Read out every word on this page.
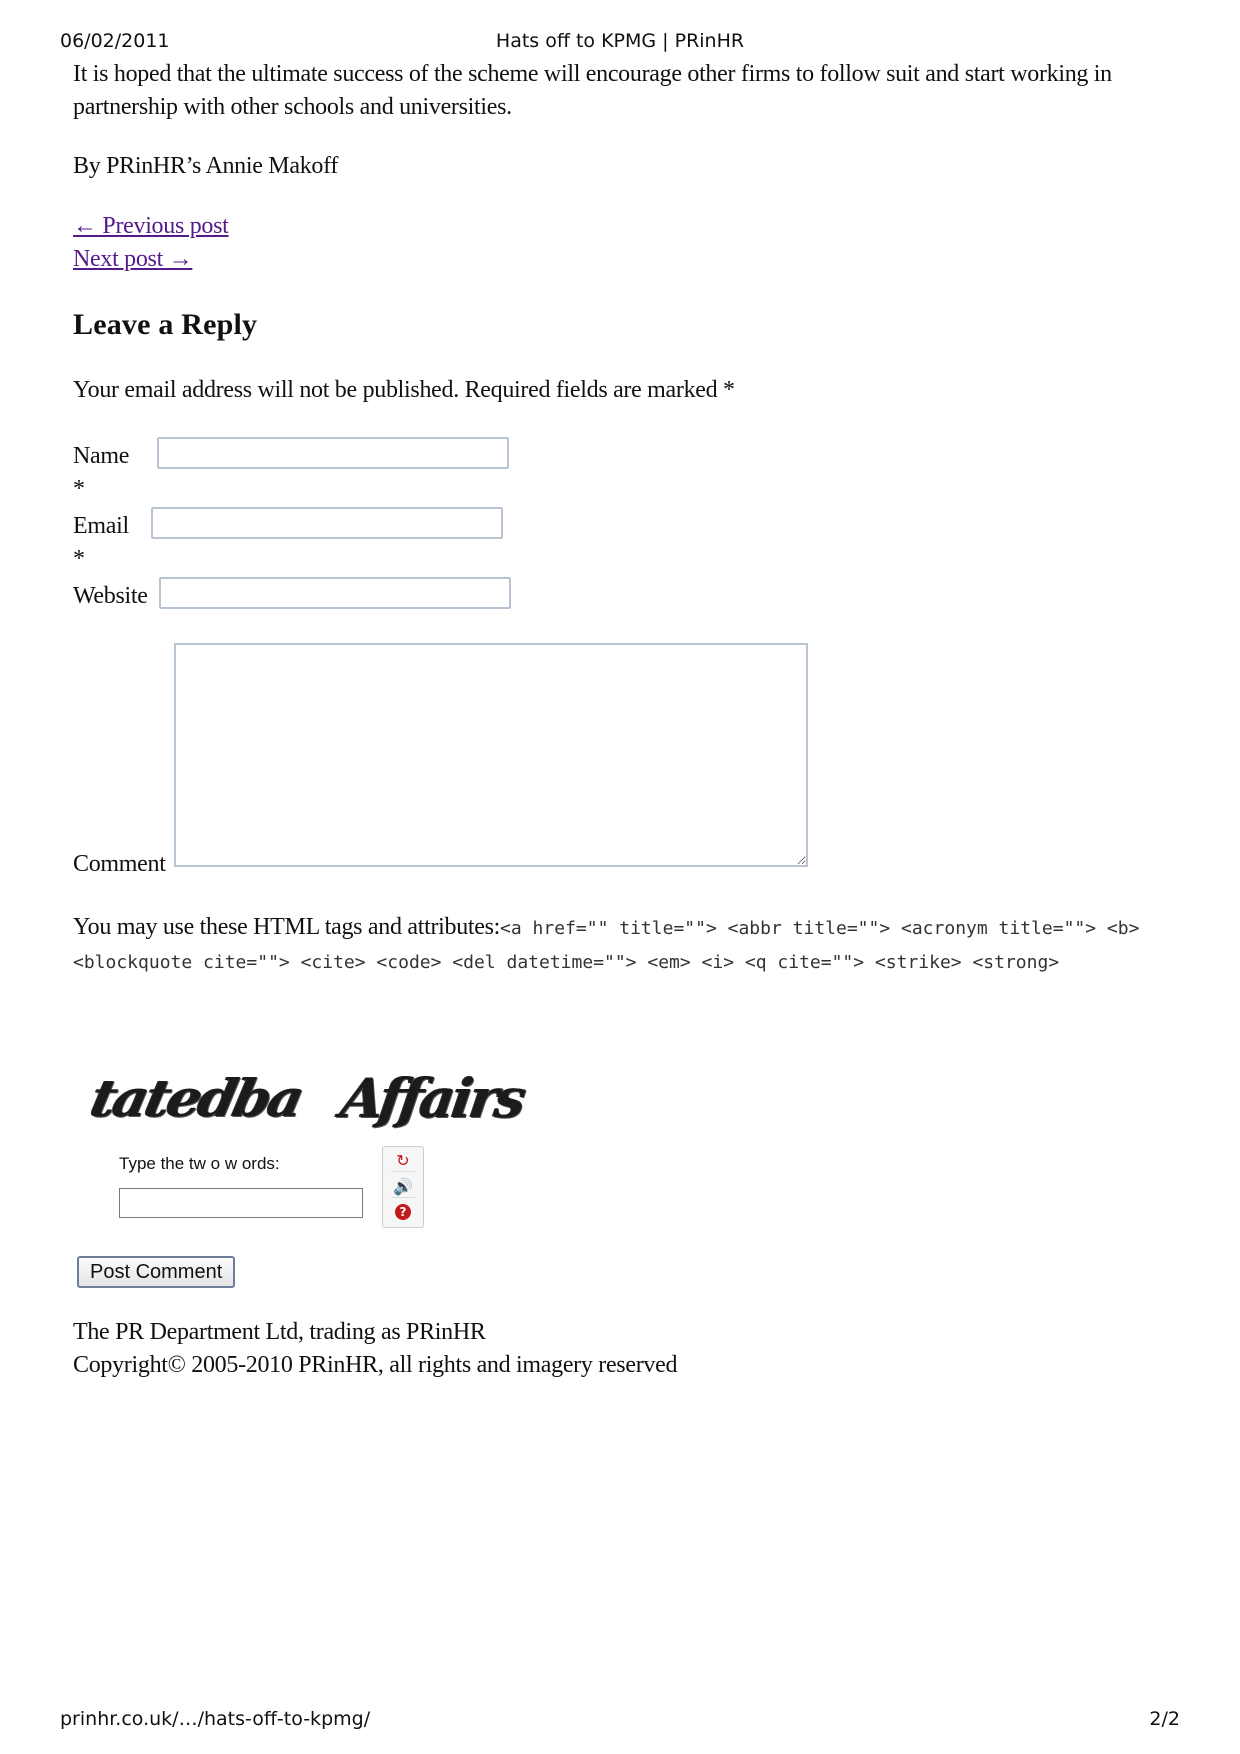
06/02/2011	Hats off to KPMG | PRinHR

It is hoped that the ultimate success of the scheme will encourage other firms to follow suit and start working in partnership with other schools and universities.

By PRinHR’s Annie Makoff
← Previous post
Next post →
Leave a Reply
Your email address will not be published. Required fields are marked *
Name *
Email *
Website
Comment
You may use these HTML tags and attributes:<a href="" title=""> <abbr title=""> <acronym title=""> <b> <blockquote cite=""> <cite> <code> <del datetime=""> <em> <i> <q cite=""> <strike> <strong>
tatedba Affairs
Type the tw o w ords:	↻
🔊
?
Post Comment
The PR Department Ltd, trading as PRinHR
Copyright© 2005-2010 PRinHR, all rights and imagery reserved
prinhr.co.uk/…/hats-off-to-kpmg/	2/2
